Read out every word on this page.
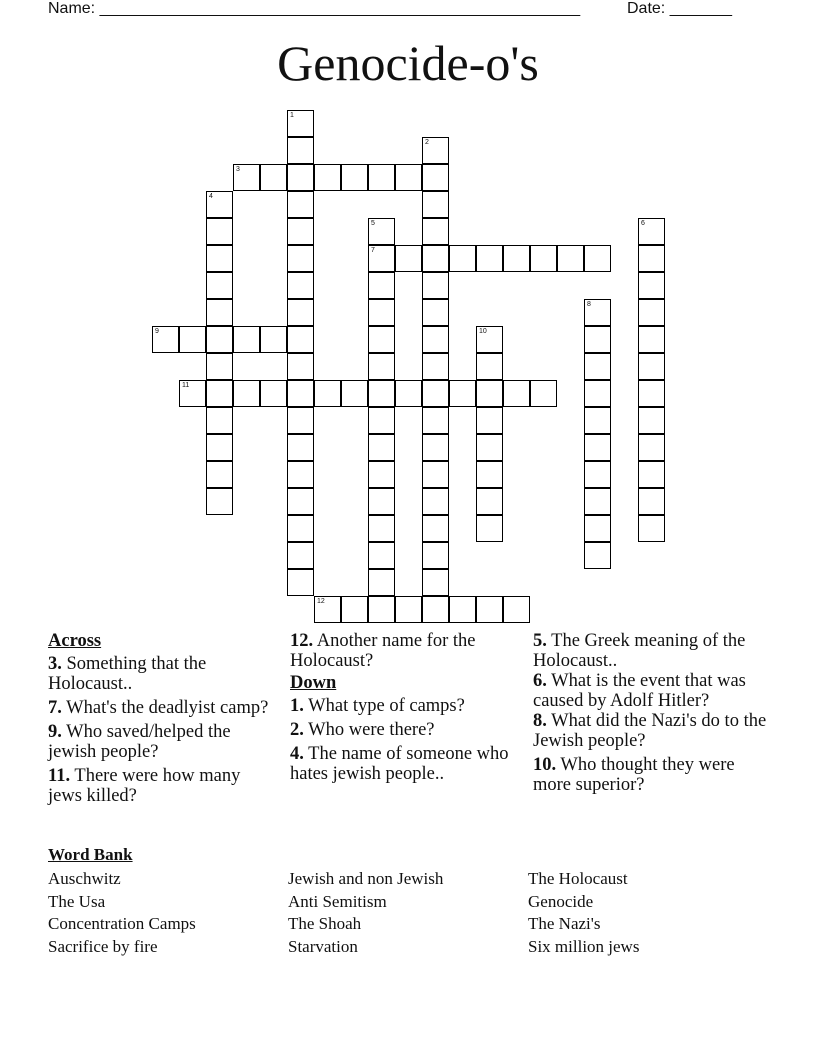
Name: ______________________________________________________	Date: _______
Genocide-o's
1
2
3
4
5
7
6
8
9	10
11
12
Across
3. Something that the Holocaust..
7. What's the deadlyist camp?
9. Who saved/helped the jewish people?
11. There were how many jews killed?
12. Another name for the Holocaust?
Down
1. What type of camps?
2. Who were there?
4. The name of someone who hates jewish people..
5. The Greek meaning of the Holocaust..
6. What is the event that was caused by Adolf Hitler?
8. What did the Nazi's do to the Jewish people?
10. Who thought they were more superior?
Word Bank
Auschwitz
The Usa
Concentration Camps
Sacrifice by fire
Jewish and non Jewish
Anti Semitism
The Shoah
Starvation
The Holocaust
Genocide
The Nazi's
Six million jews
